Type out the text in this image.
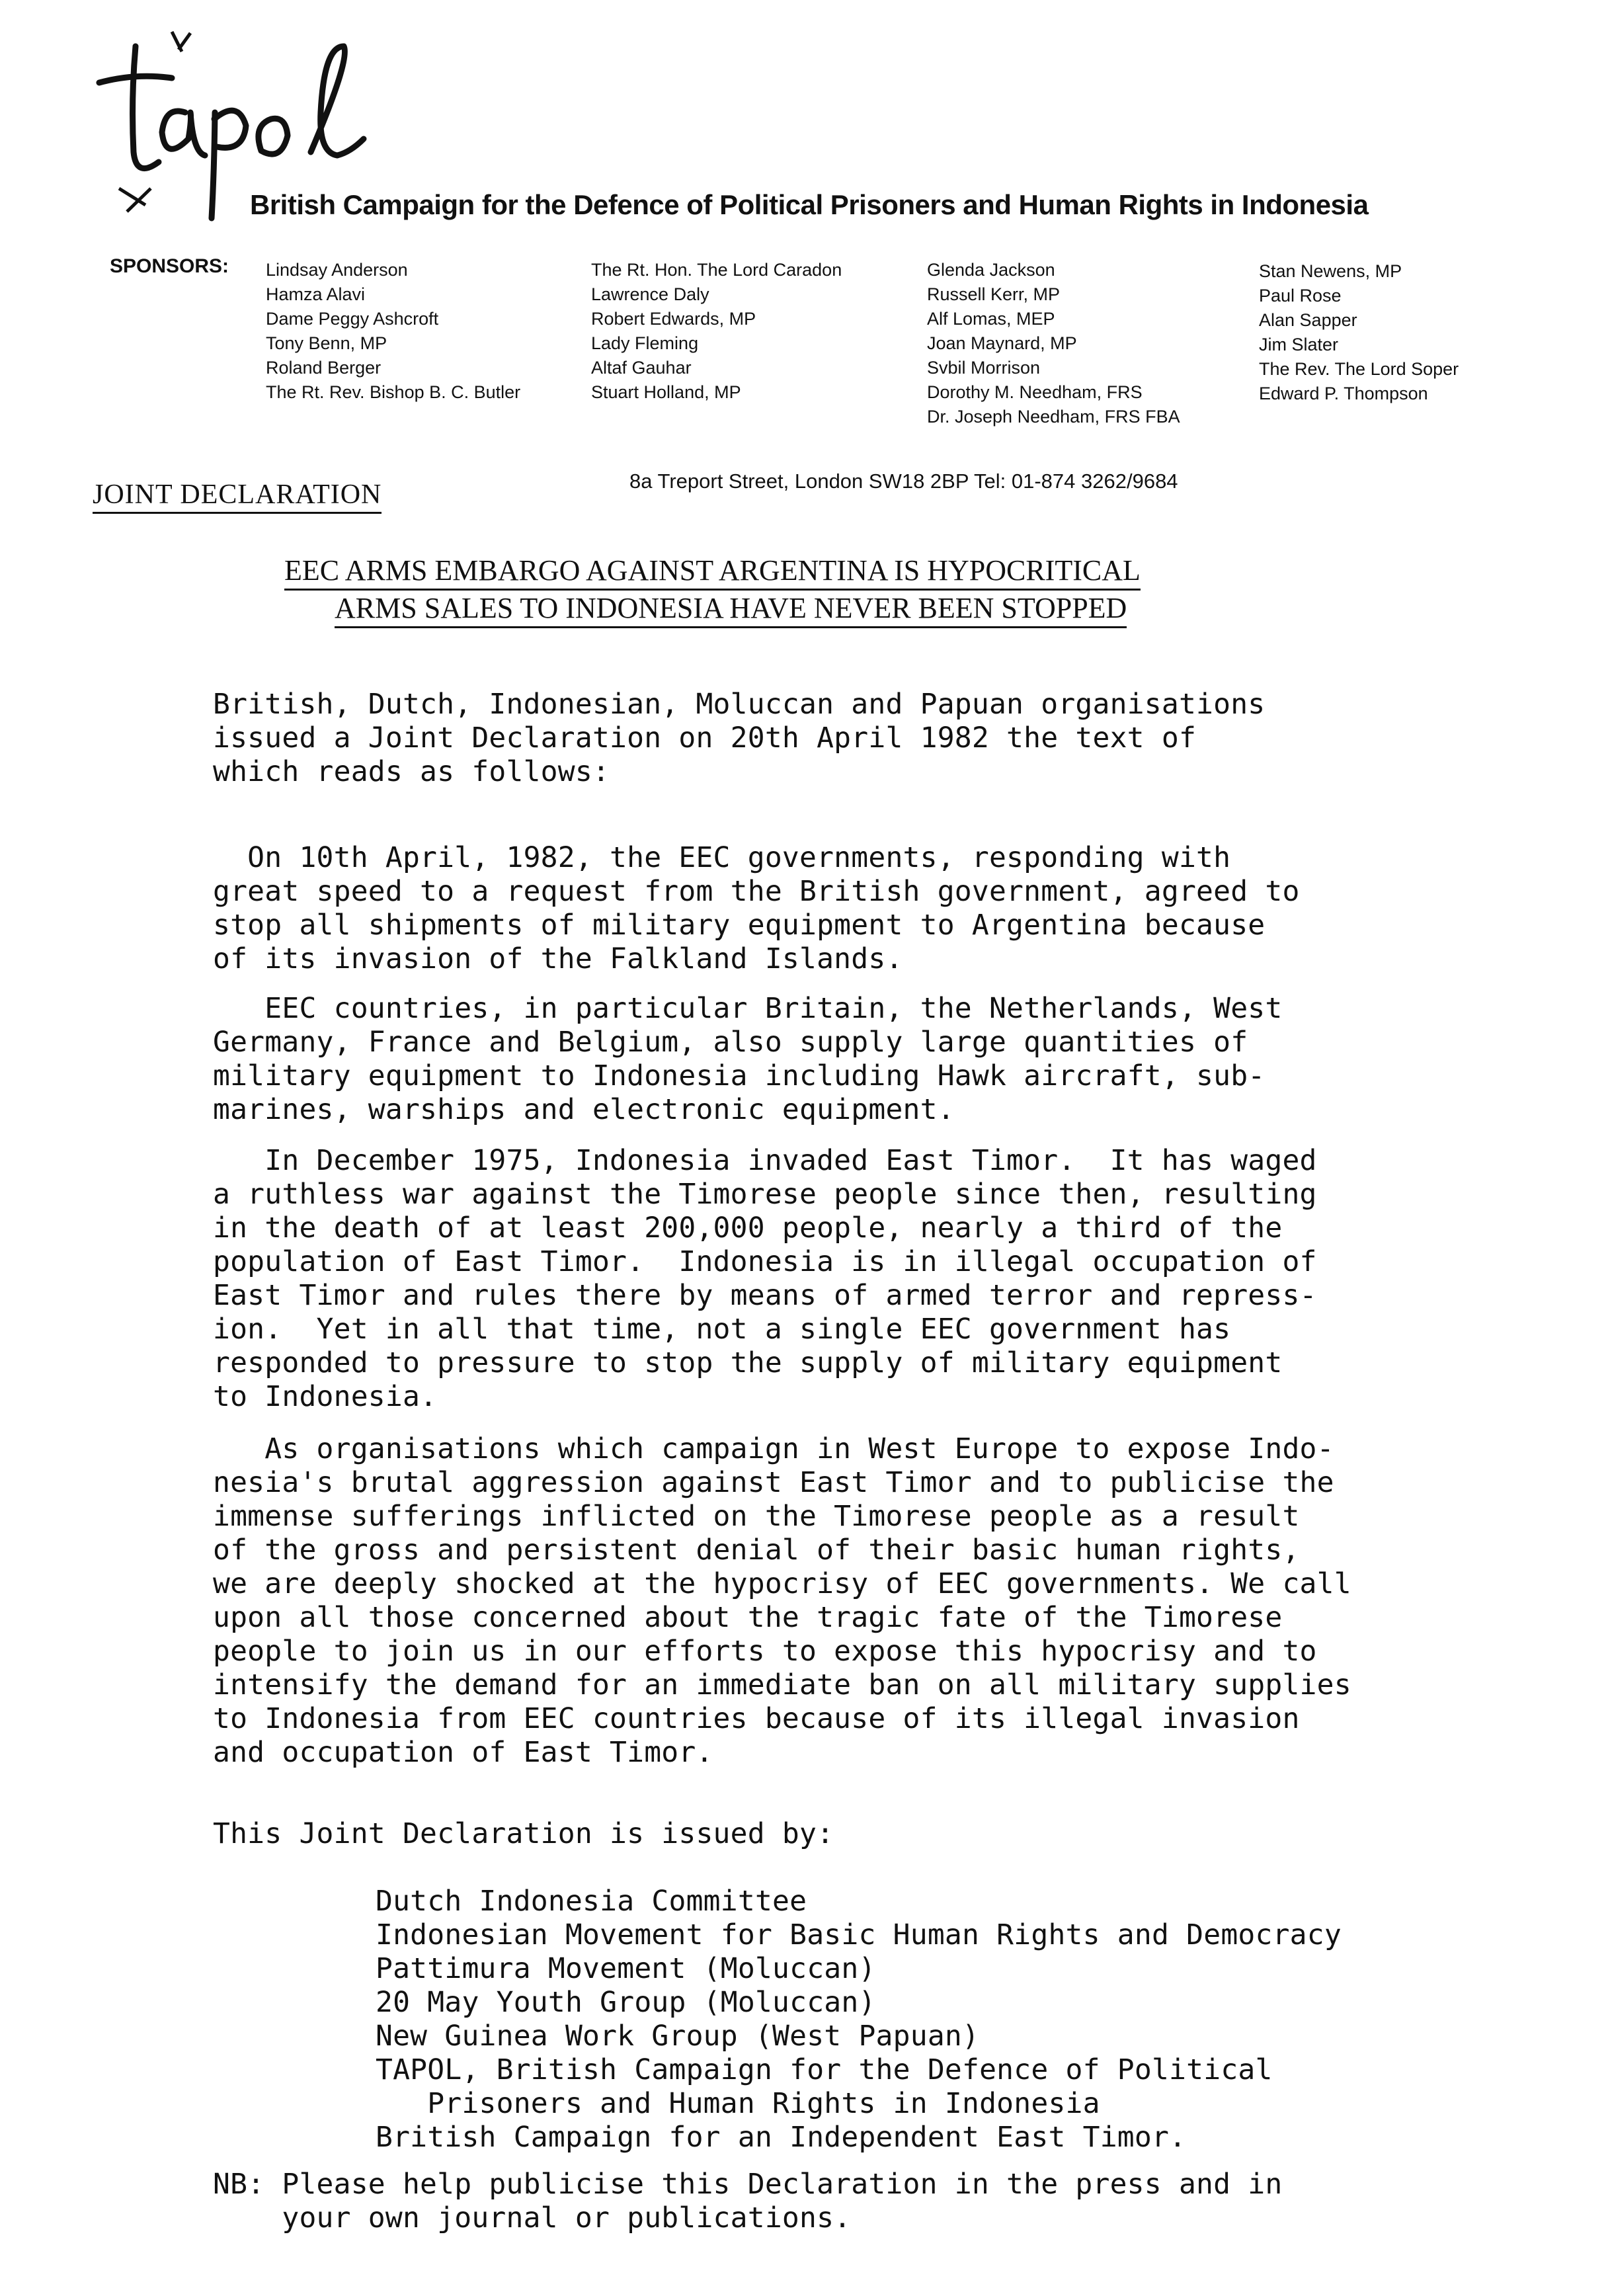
British Campaign for the Defence of Political Prisoners and Human Rights in Indonesia
SPONSORS: Lindsay Anderson
Hamza Alavi
Dame Peggy Ashcroft
Tony Benn, MP
Roland Berger
The Rt. Rev. Bishop B. C. Butler
The Rt. Hon. The Lord Caradon
Lawrence Daly
Robert Edwards, MP
Lady Fleming
Altaf Gauhar
Stuart Holland, MP
Glenda Jackson
Russell Kerr, MP
Alf Lomas, MEP
Joan Maynard, MP
Svbil Morrison
Dorothy M. Needham, FRS
Dr. Joseph Needham, FRS FBA
Stan Newens, MP
Paul Rose
Alan Sapper
Jim Slater
The Rev. The Lord Soper
Edward P. Thompson
8a Treport Street, London SW18 2BP Tel: 01-874 3262/9684
JOINT DECLARATION
EEC ARMS EMBARGO AGAINST ARGENTINA IS HYPOCRITICAL
ARMS SALES TO INDONESIA HAVE NEVER BEEN STOPPED
British, Dutch, Indonesian, Moluccan and Papuan organisations
issued a Joint Declaration on 20th April 1982 the text of
which reads as follows:
On 10th April, 1982, the EEC governments, responding with
great speed to a request from the British government, agreed to
stop all shipments of military equipment to Argentina because
of its invasion of the Falkland Islands.
EEC countries, in particular Britain, the Netherlands, West
Germany, France and Belgium, also supply large quantities of
military equipment to Indonesia including Hawk aircraft, sub-
marines, warships and electronic equipment.
In December 1975, Indonesia invaded East Timor.  It has waged
a ruthless war against the Timorese people since then, resulting
in the death of at least 200,000 people, nearly a third of the
population of East Timor.  Indonesia is in illegal occupation of
East Timor and rules there by means of armed terror and repress-
ion.  Yet in all that time, not a single EEC government has
responded to pressure to stop the supply of military equipment
to Indonesia.
As organisations which campaign in West Europe to expose Indo-
nesia's brutal aggression against East Timor and to publicise the
immense sufferings inflicted on the Timorese people as a result
of the gross and persistent denial of their basic human rights,
we are deeply shocked at the hypocrisy of EEC governments. We call
upon all those concerned about the tragic fate of the Timorese
people to join us in our efforts to expose this hypocrisy and to
intensify the demand for an immediate ban on all military supplies
to Indonesia from EEC countries because of its illegal invasion
and occupation of East Timor.
This Joint Declaration is issued by:
Dutch Indonesia Committee
Indonesian Movement for Basic Human Rights and Democracy
Pattimura Movement (Moluccan)
20 May Youth Group (Moluccan)
New Guinea Work Group (West Papuan)
TAPOL, British Campaign for the Defence of Political
Prisoners and Human Rights in Indonesia
British Campaign for an Independent East Timor.
NB: Please help publicise this Declaration in the press and in
your own journal or publications.
